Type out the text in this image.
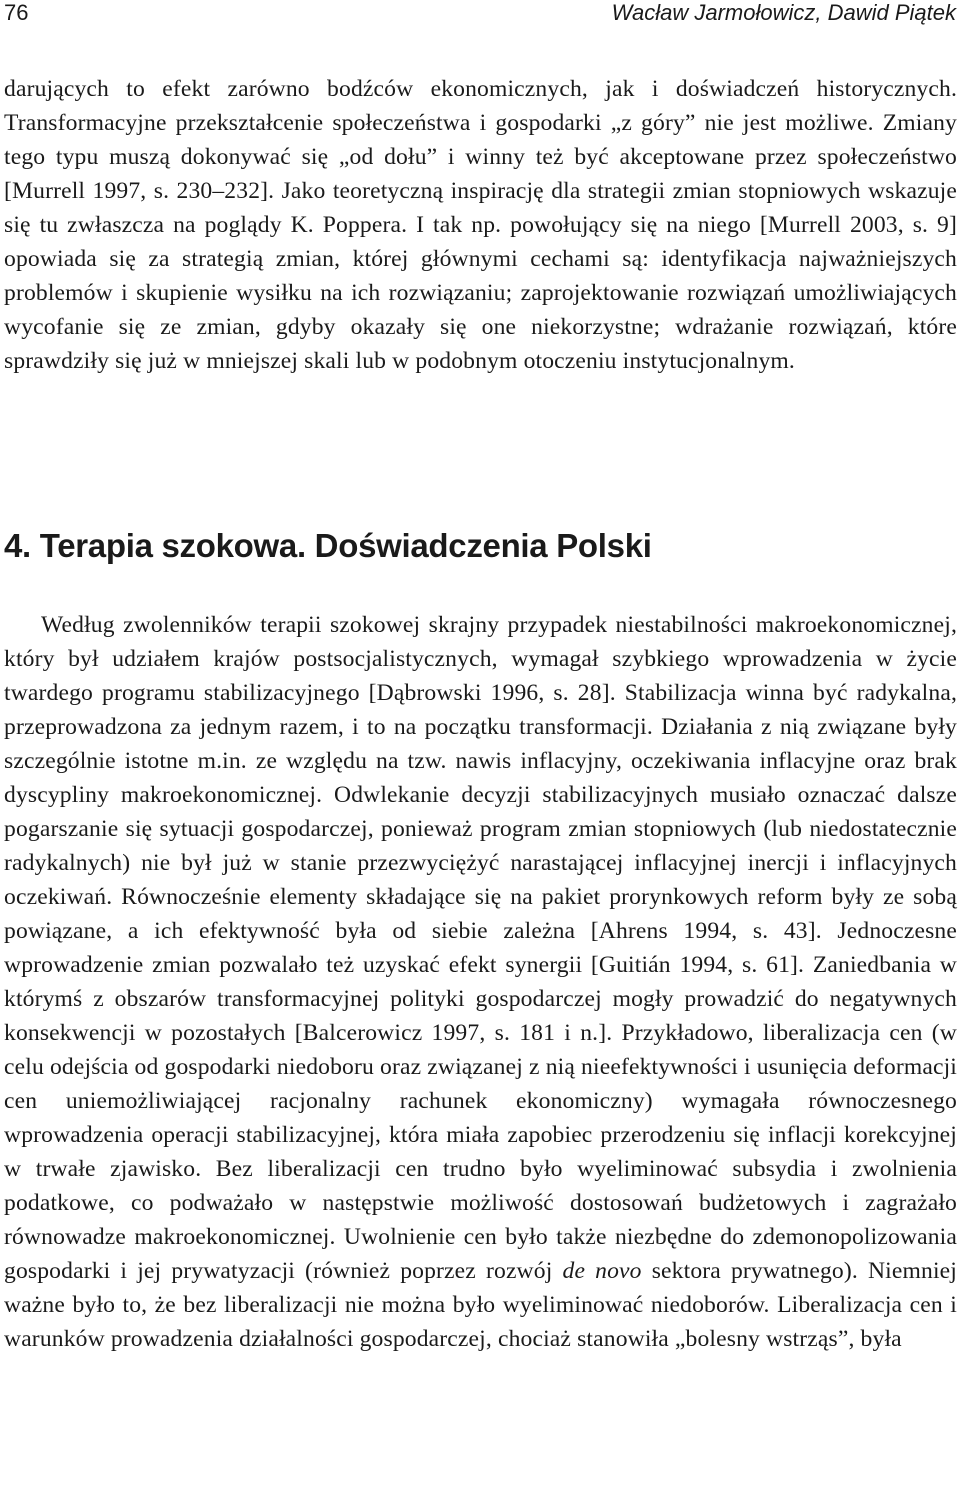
76	Wacław Jarmołowicz, Dawid Piątek

darujących to efekt zarówno bodźców ekonomicznych, jak i doświadczeń historycznych. Transformacyjne przekształcenie społeczeństwa i gospodarki „z góry” nie jest możliwe. Zmiany tego typu muszą dokonywać się „od dołu” i winny też być akceptowane przez społeczeństwo [Murrell 1997, s. 230–232]. Jako teoretyczną inspirację dla strategii zmian stopniowych wskazuje się tu zwłaszcza na poglądy K. Poppera. I tak np. powołujący się na niego [Murrell 2003, s. 9] opowiada się za strategią zmian, której głównymi cechami są: identyfikacja najważniejszych problemów i skupienie wysiłku na ich rozwiązaniu; zaprojektowanie rozwiązań umożliwiających wycofanie się ze zmian, gdyby okazały się one niekorzystne; wdrażanie rozwiązań, które sprawdziły się już w mniejszej skali lub w podobnym otoczeniu instytucjonalnym.

4. Terapia szokowa. Doświadczenia Polski

Według zwolenników terapii szokowej skrajny przypadek niestabilności makroekonomicznej, który był udziałem krajów postsocjalistycznych, wymagał szybkiego wprowadzenia w życie twardego programu stabilizacyjnego [Dąbrowski 1996, s. 28]. Stabilizacja winna być radykalna, przeprowadzona za jednym razem, i to na początku transformacji. Działania z nią związane były szczególnie istotne m.in. ze względu na tzw. nawis inflacyjny, oczekiwania inflacyjne oraz brak dyscypliny makroekonomicznej. Odwlekanie decyzji stabilizacyjnych musiało oznaczać dalsze pogarszanie się sytuacji gospodarczej, ponieważ program zmian stopniowych (lub niedostatecznie radykalnych) nie był już w stanie przezwyciężyć narastającej inflacyjnej inercji i inflacyjnych oczekiwań. Równocześnie elementy składające się na pakiet prorynkowych reform były ze sobą powiązane, a ich efektywność była od siebie zależna [Ahrens 1994, s. 43]. Jednoczesne wprowadzenie zmian pozwalało też uzyskać efekt synergii [Guitián 1994, s. 61]. Zaniedbania w którymś z obszarów transformacyjnej polityki gospodarczej mogły prowadzić do negatywnych konsekwencji w pozostałych [Balcerowicz 1997, s. 181 i n.]. Przykładowo, liberalizacja cen (w celu odejścia od gospodarki niedoboru oraz związanej z nią nieefektywności i usunięcia deformacji cen uniemożliwiającej racjonalny rachunek ekonomiczny) wymagała równoczesnego wprowadzenia operacji stabilizacyjnej, która miała zapobiec przerodzeniu się inflacji korekcyjnej w trwałe zjawisko. Bez liberalizacji cen trudno było wyeliminować subsydia i zwolnienia podatkowe, co podważało w następstwie możliwość dostosowań budżetowych i zagrażało równowadze makroekonomicznej. Uwolnienie cen było także niezbędne do zdemonopolizowania gospodarki i jej prywatyzacji (również poprzez rozwój de novo sektora prywatnego). Niemniej ważne było to, że bez liberalizacji nie można było wyeliminować niedoborów. Liberalizacja cen i warunków prowadzenia działalności gospodarczej, chociaż stanowiła „bolesny wstrząs”, była
